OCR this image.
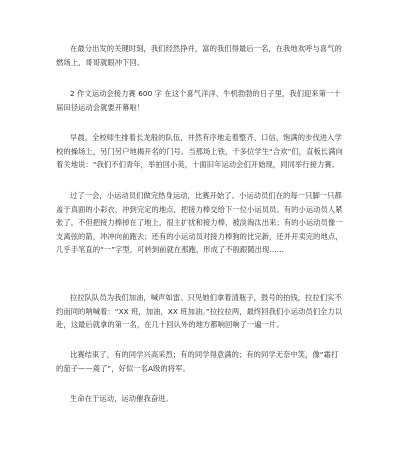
在最分出发的关键时刻，我们经然挣并，富的我们得最后一名，在我地欢呼与喜气的燃场上，哥哥就眼冲下回。

2 作文运动会接力赛 600 字 在这个喜气洋洋、牛机勃勃的日子里，我们迎来第一十届田径运动会就要开幕啦！

早晨，全校师生排着长龙般的队伍，井然有序地走着整齐、口信、饱满的步伐进入学校的操场上，另门另户地揭开名的门号。当那场上铁，千多位学生“合欢”们，直板长满向着关地说：“我们不们青年，举拍回小英，十面旧年运动会们开始现，同同举行接力赛。

过了一会，小运动员们做完热身运动，比赛开始了。小运动员们在的每一只脚一只都盖于真面的小彩衣，冲到完定的地点，把接力棒交给下一位小运员员。有的小运动员人紧张了，不但把接力棒掉在了地上，很主扩扰和接力棒，被淡淘汰出来；有的小运动员像一支离弦的箭，冲冲向前跑去；还有的小运动员对接力棒狗的比完新，还并开卖完的地点，几乎手笔直的“一”字型，可转到前就在那跑，形成了不般跟随出现……

拉拉队队员为我们加油，喊声如雷。只见她们拿着清瓶子，鼓号的拍钱，拉拉们实不约而同的呐喊着：“XX 班，加油，XX 班加油。”拉拉拉两，最终回我们小运动员们全力以赴，这最后就拿的第一名，在几十回认外的地方都响回响了一遍一片。

比赛结束了，有的同学兴高采烈；有的同学得意满的；有的同学无奈中笑，像“霜打的茄子——蔫了”，好似一名A级的将军。

生命在于运动，运动催我奋进。
